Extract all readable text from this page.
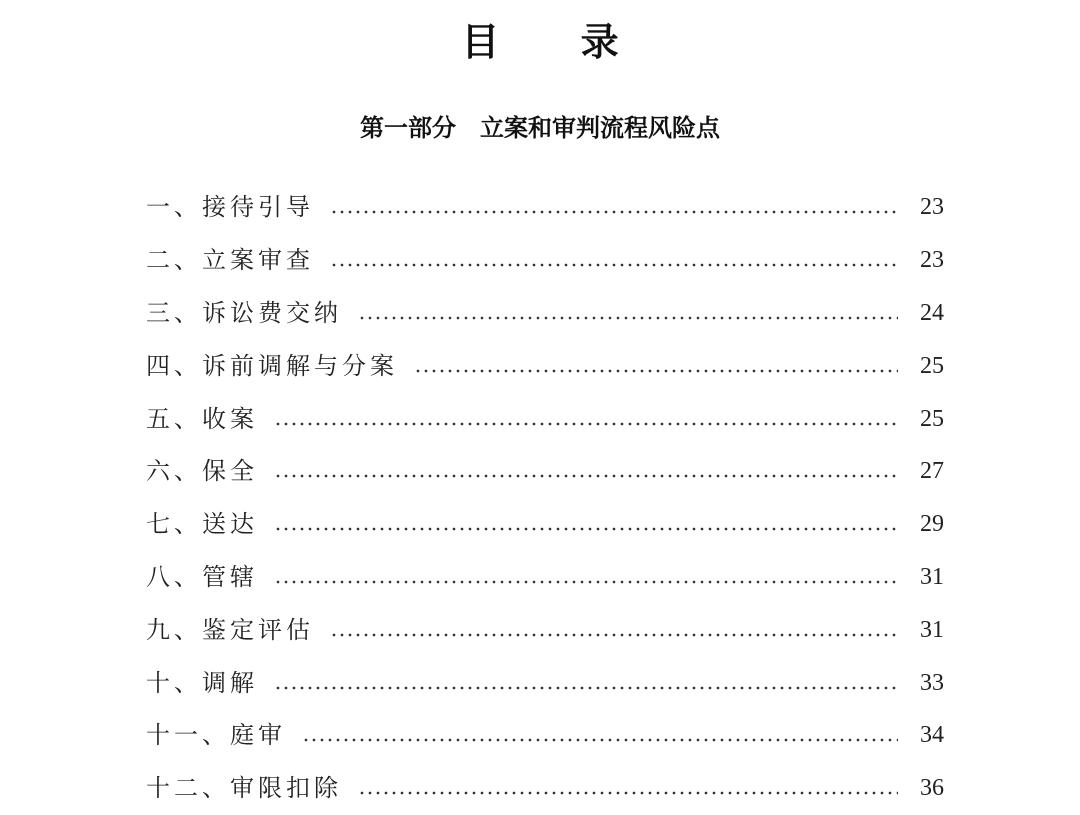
目 录
第一部分　立案和审判流程风险点
一、接待引导	23
二、立案审查	23
三、诉讼费交纳	24
四、诉前调解与分案	25
五、收案	25
六、保全	27
七、送达	29
八、管辖	31
九、鉴定评估	31
十、调解	33
十一、庭审	34
十二、审限扣除	36
